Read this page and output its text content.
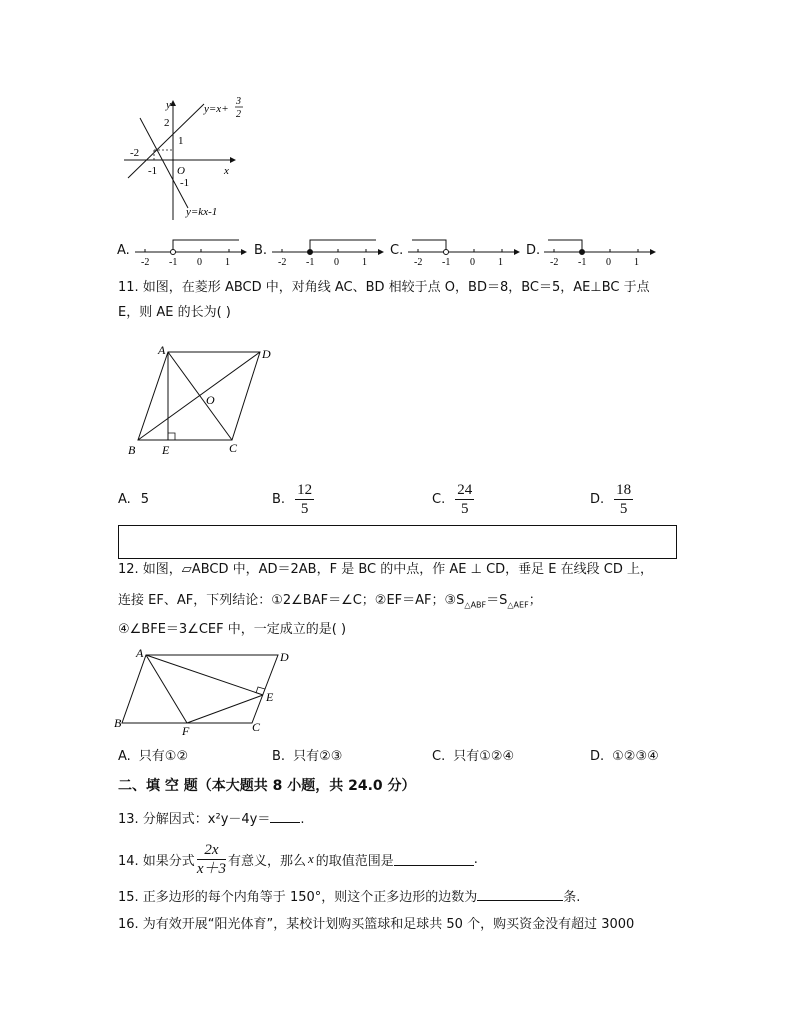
y
x
O
2
1
-1
-2
-1
y=x+
3
2
y=kx-1
A.
-2 -1 0 1
B.
-2 -1 0 1
C.
-2 -1 0 1
D.
-2 -1 0 1
11. 如图，在菱形 ABCD 中，对角线 AC、BD 相较于点 O，BD＝8，BC＝5，AE⊥BC 于点
E，则 AE 的长为( )
A	D
O
B E	C
A. 5	B. $\frac{12}{5}$	C. $\frac{24}{5}$	D. $\frac{18}{5}$
12. 如图，▱ABCD 中，AD＝2AB，F 是 BC 的中点，作 AE ⊥ CD，垂足 E 在线段 CD 上，
连接 EF、AF，下列结论：①2∠BAF＝∠C；②EF＝AF；$③S_{\triangle ABF}=S_{\triangle AEF}$；
④∠BFE＝3∠CEF 中，一定成立的是( )
A	D
E
B
F	C
A. 只有①②	B. 只有②③	C. 只有①②④	D. ①②③④
二、填 空 题（本大题共 8 小题，共 24.0 分）
13. 分解因式：x²y－4y＝ .
14. 如果分式 $\frac{2x}{x+3}$ 有意义，那么 x 的取值范围是	.
15. 正多边形的每个内角等于 150°，则这个正多边形的边数为	条.
16. 为有效开展“阳光体育”，某校计划购买篮球和足球共 50 个，购买资金没有超过 3000
